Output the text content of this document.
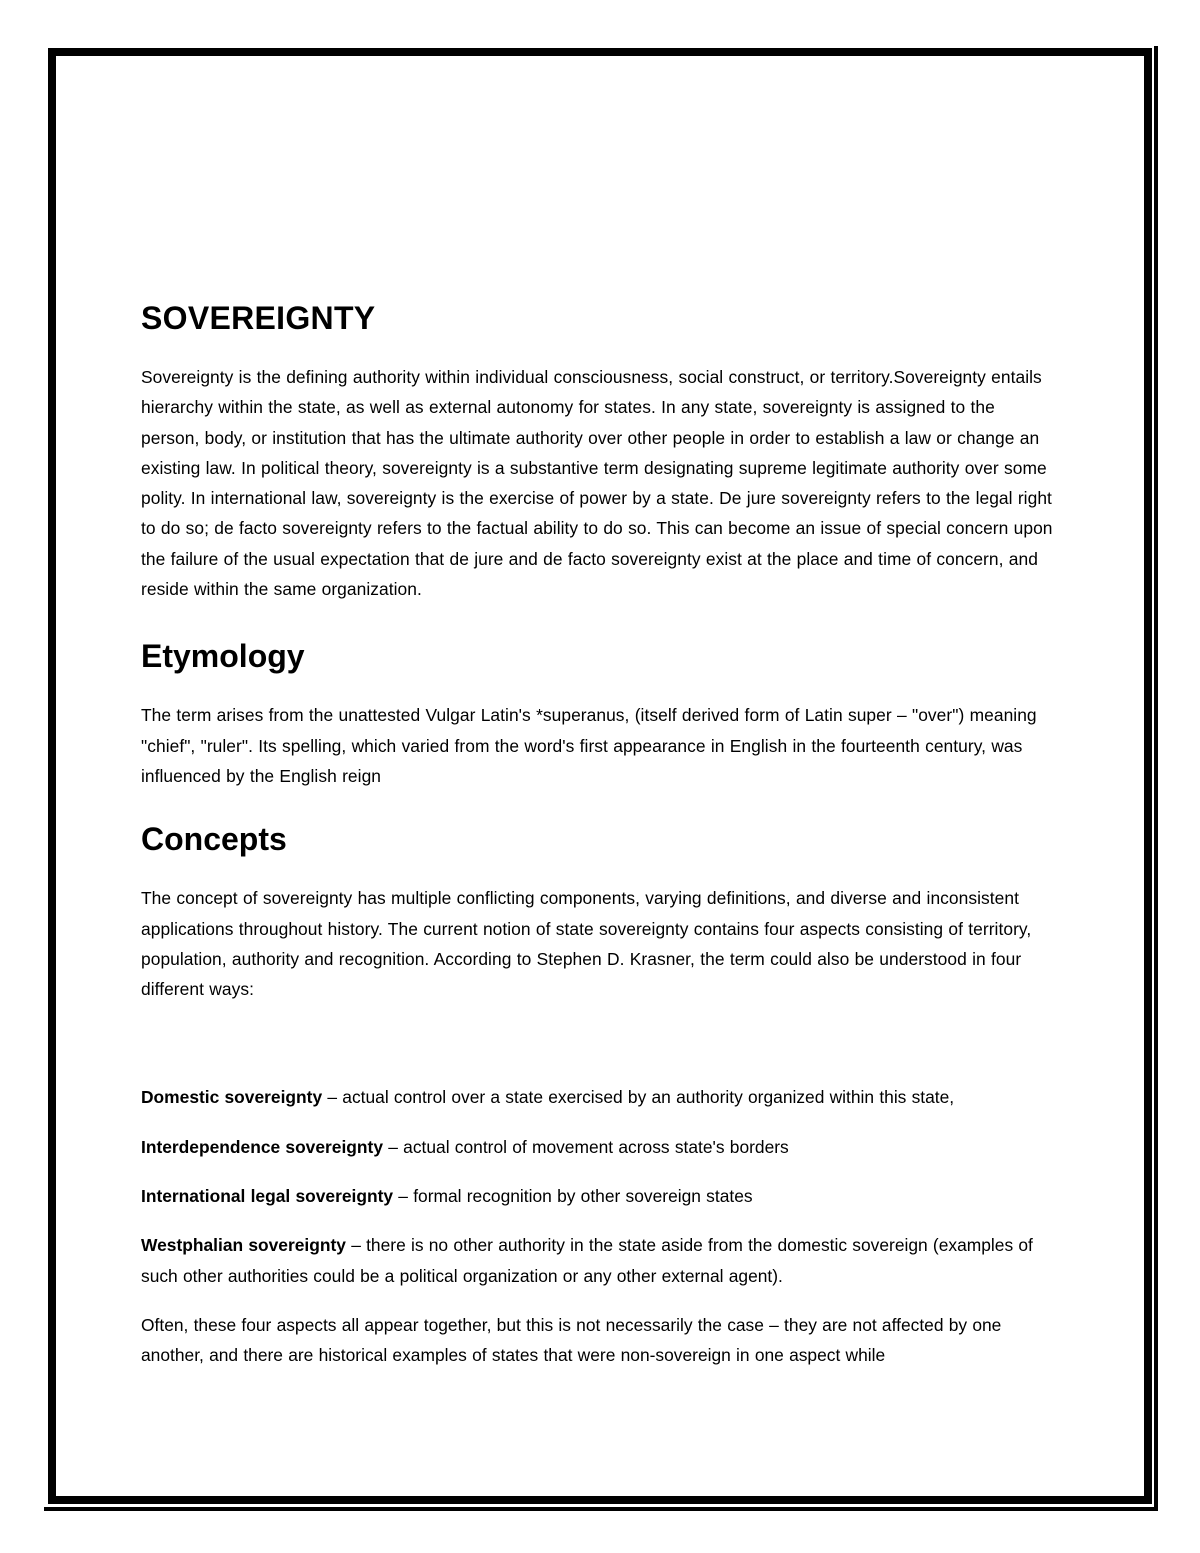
SOVEREIGNTY

Sovereignty is the defining authority within individual consciousness, social construct, or territory.Sovereignty entails hierarchy within the state, as well as external autonomy for states. In any state, sovereignty is assigned to the person, body, or institution that has the ultimate authority over other people in order to establish a law or change an existing law. In political theory, sovereignty is a substantive term designating supreme legitimate authority over some polity. In international law, sovereignty is the exercise of power by a state. De jure sovereignty refers to the legal right to do so; de facto sovereignty refers to the factual ability to do so. This can become an issue of special concern upon the failure of the usual expectation that de jure and de facto sovereignty exist at the place and time of concern, and reside within the same organization.

Etymology

The term arises from the unattested Vulgar Latin's *superanus, (itself derived form of Latin super – "over") meaning "chief", "ruler". Its spelling, which varied from the word's first appearance in English in the fourteenth century, was influenced by the English reign

Concepts

The concept of sovereignty has multiple conflicting components, varying definitions, and diverse and inconsistent applications throughout history. The current notion of state sovereignty contains four aspects consisting of territory, population, authority and recognition. According to Stephen D. Krasner, the term could also be understood in four different ways:

Domestic sovereignty – actual control over a state exercised by an authority organized within this state,

Interdependence sovereignty – actual control of movement across state's borders

International legal sovereignty – formal recognition by other sovereign states

Westphalian sovereignty – there is no other authority in the state aside from the domestic sovereign (examples of such other authorities could be a political organization or any other external agent).

Often, these four aspects all appear together, but this is not necessarily the case – they are not affected by one another, and there are historical examples of states that were non-sovereign in one aspect while
